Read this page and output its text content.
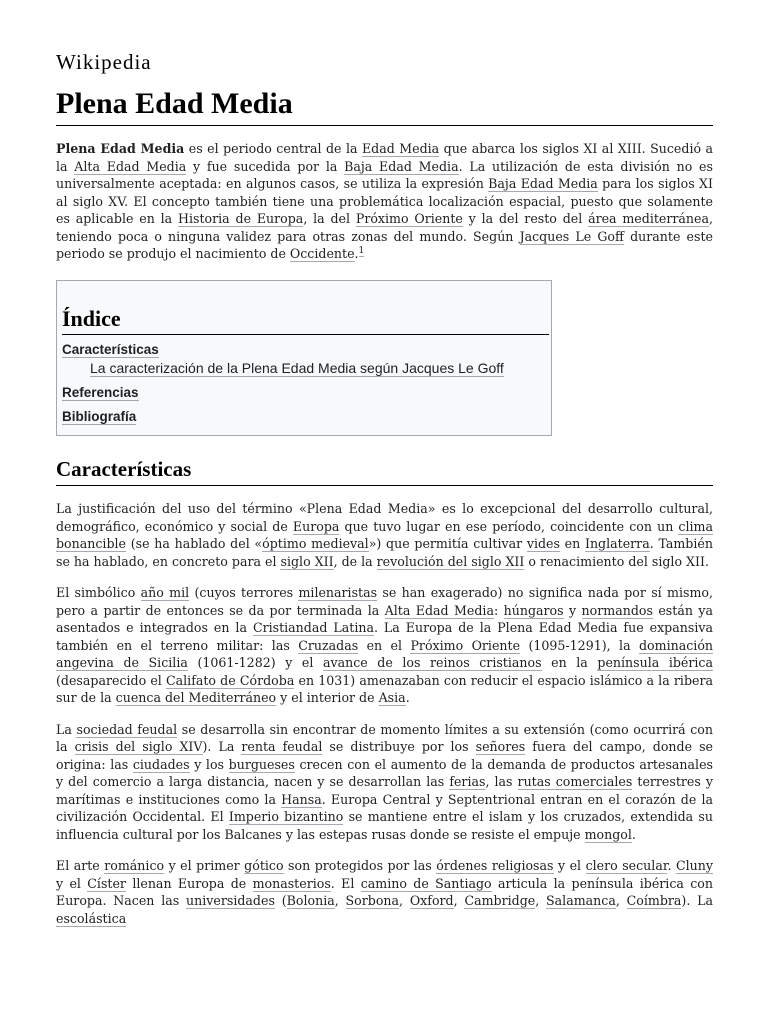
Wikipedia
Plena Edad Media

Plena Edad Media es el periodo central de la Edad Media que abarca los siglos XI al XIII. Sucedió a la Alta Edad Media y fue sucedida por la Baja Edad Media. La utilización de esta división no es universalmente aceptada: en algunos casos, se utiliza la expresión Baja Edad Media para los siglos XI al siglo XV. El concepto también tiene una problemática localización espacial, puesto que solamente es aplicable en la Historia de Europa, la del Próximo Oriente y la del resto del área mediterránea, teniendo poca o ninguna validez para otras zonas del mundo. Según Jacques Le Goff durante este periodo se produjo el nacimiento de Occidente.$^1$

Índice
Características
La caracterización de la Plena Edad Media según Jacques Le Goff
Referencias
Bibliografía
Características

La justificación del uso del término «Plena Edad Media» es lo excepcional del desarrollo cultural, demográfico, económico y social de Europa que tuvo lugar en ese período, coincidente con un clima bonancible (se ha hablado del «óptimo medieval») que permitía cultivar vides en Inglaterra. También se ha hablado, en concreto para el siglo XII, de la revolución del siglo XII o renacimiento del siglo XII.

El simbólico año mil (cuyos terrores milenaristas se han exagerado) no significa nada por sí mismo, pero a partir de entonces se da por terminada la Alta Edad Media: húngaros y normandos están ya asentados e integrados en la Cristiandad Latina. La Europa de la Plena Edad Media fue expansiva también en el terreno militar: las Cruzadas en el Próximo Oriente (1095-1291), la dominación angevina de Sicilia (1061-1282) y el avance de los reinos cristianos en la península ibérica (desaparecido el Califato de Córdoba en 1031) amenazaban con reducir el espacio islámico a la ribera sur de la cuenca del Mediterráneo y el interior de Asia.

La sociedad feudal se desarrolla sin encontrar de momento límites a su extensión (como ocurrirá con la crisis del siglo XIV). La renta feudal se distribuye por los señores fuera del campo, donde se origina: las ciudades y los burgueses crecen con el aumento de la demanda de productos artesanales y del comercio a larga distancia, nacen y se desarrollan las ferias, las rutas comerciales terrestres y marítimas e instituciones como la Hansa. Europa Central y Septentrional entran en el corazón de la civilización Occidental. El Imperio bizantino se mantiene entre el islam y los cruzados, extendida su influencia cultural por los Balcanes y las estepas rusas donde se resiste el empuje mongol.

El arte románico y el primer gótico son protegidos por las órdenes religiosas y el clero secular. Cluny y el Císter llenan Europa de monasterios. El camino de Santiago articula la península ibérica con Europa. Nacen las universidades (Bolonia, Sorbona, Oxford, Cambridge, Salamanca, Coímbra). La escolástica
